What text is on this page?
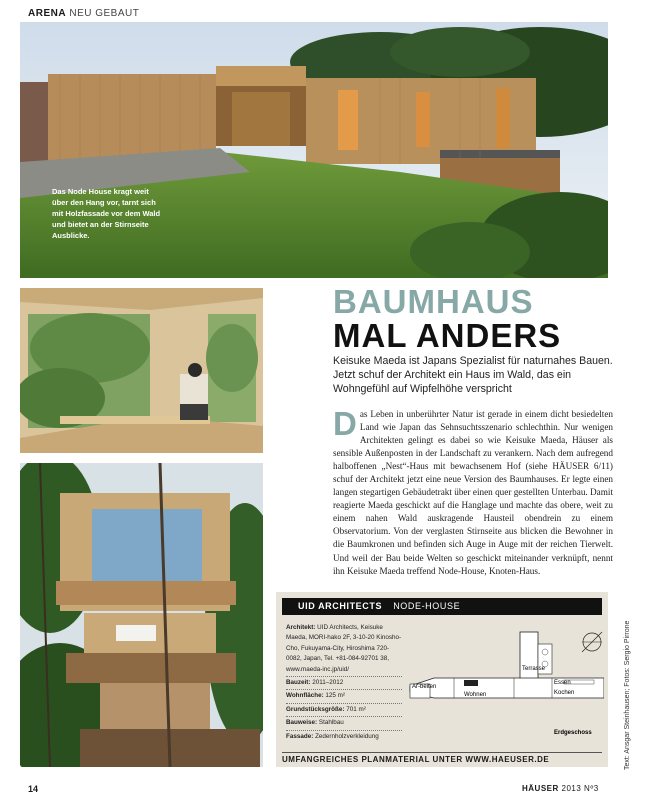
ARENA NEU GEBAUT
Das Node House kragt weit über den Hang vor, tarnt sich mit Holzfassade vor dem Wald und bietet an der Stirnseite Ausblicke.
BAUMHAUS
MAL ANDERS
Keisuke Maeda ist Japans Spezialist für naturnahes Bauen. Jetzt schuf der Architekt ein Haus im Wald, das ein Wohngefühl auf Wipfelhöhe verspricht
Das Leben in unberührter Natur ist gerade in einem dicht besiedelten Land wie Japan das Sehnsuchtsszenario schlechthin. Nur wenigen Architekten gelingt es dabei so wie Keisuke Maeda, Häuser als sensible Außenposten in der Landschaft zu verankern. Nach dem aufregend halboffenen „Nest“-Haus mit bewachsenem Hof (siehe HÄUSER 6/11) schuf der Architekt jetzt eine neue Version des Baumhauses. Er legte einen langen stegartigen Gebäudetrakt über einen quer gestellten Unterbau. Damit reagierte Maeda geschickt auf die Hanglage und machte das obere, weit zu einem nahen Wald auskragende Hausteil obendrein zu einem Observatorium. Von der verglasten Stirnseite aus blicken die Bewohner in die Baumkronen und befinden sich Auge in Auge mit der reichen Tierwelt. Und weil der Bau beide Welten so geschickt miteinander verknüpft, nennt ihn Keisuke Maeda treffend Node-House, Knoten-Haus.
UID ARCHITECTS NODE-HOUSE
Architekt: UID Architects, Keisuke Maeda, MORI-hako 2F, 3-10-20 Kinosho-Cho, Fukuyama-City, Hiroshima 720-0082, Japan, Tel. +81-084-92701 38, www.maeda-inc.jp/uid/
Bauzeit: 2011–2012
Wohnfläche: 125 m²
Grundstücksgröße: 701 m²
Bauweise: Stahlbau
Fassade: Zedernholzverkleidung
Ar-beiten
Wohnen
Terrasse
Essen
Kochen
Erdgeschoss
UMFANGREICHES PLANMATERIAL UNTER WWW.HAEUSER.DE	Text: Ansgar Steinhausen; Fotos: Sergio Pirrone
14	HÄUSER 2013 Nº3
